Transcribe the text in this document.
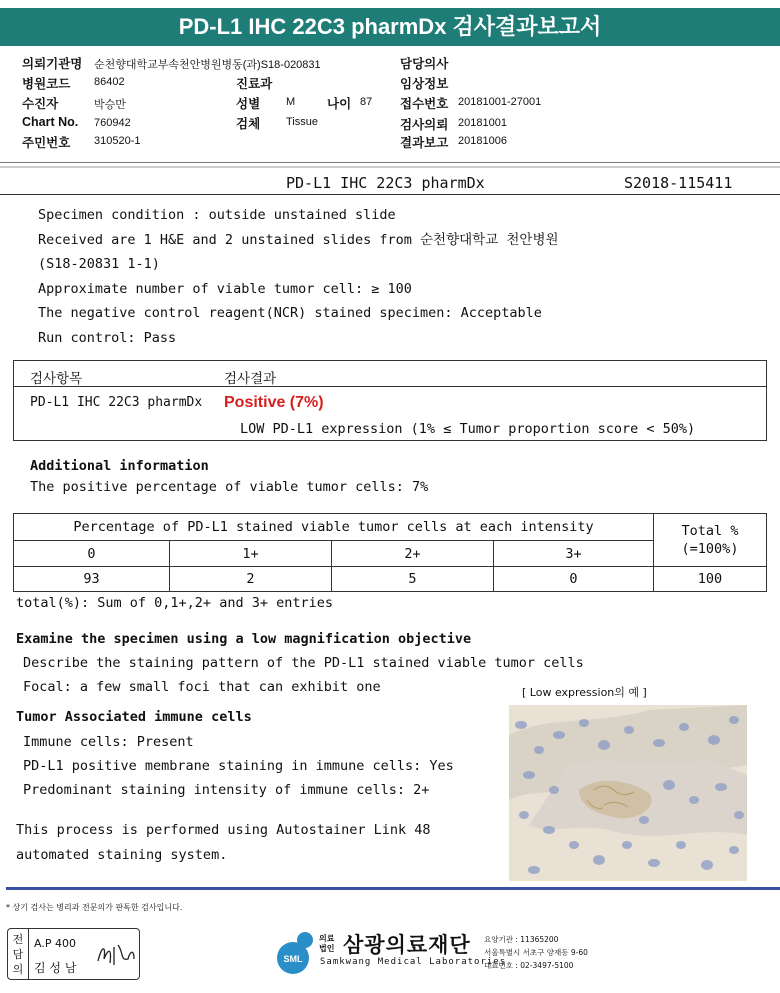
PD-L1 IHC 22C3 pharmDx 검사결과보고서
의뢰기관명 순천향대학교부속천안병원병동(과)S18-020831
병원코드 86402
수진자	박승만
Chart No. 760942
주민번호 310520-1
진료과
성별 M	나이 87
검체 Tissue
담당의사
임상정보
접수번호 20181001-27001
검사의뢰 20181001
결과보고 20181006
PD-L1 IHC 22C3 pharmDx	S2018-115411
Specimen condition : outside unstained slide
Received are 1 H&E and 2 unstained slides from 순천향대학교 천안병원
(S18-20831 1-1)
Approximate number of viable tumor cell: ≥ 100
The negative control reagent(NCR) stained specimen: Acceptable
Run control: Pass
검사항목	검사결과
PD-L1 IHC 22C3 pharmDx Positive (7%)
LOW PD-L1 expression (1% ≤ Tumor proportion score < 50%)
Additional information
The positive percentage of viable tumor cells: 7%
Percentage of PD-L1 stained viable tumor cells at each intensity	Total %
(=100%)
0	1+	2+	3+
93	2	5	0	100
total(%): Sum of 0,1+,2+ and 3+ entries
Examine the specimen using a low magnification objective
Describe the staining pattern of the PD-L1 stained viable tumor cells
Focal: a few small foci that can exhibit one	[ Low expression의 예 ]
Tumor Associated immune cells
Immune cells: Present
PD-L1 positive membrane staining in immune cells: Yes
Predominant staining intensity of immune cells: 2+
This process is performed using Autostainer Link 48
automated staining system.
* 상기 검사는 병리과 전문의가 판독한 검사입니다.
전
담
의
A.P 400
김 성 남
SML
의료
법인 삼광의료재단
Samkwang Medical Laboratories
요양기관 : 11365200
서울특별시 서초구 양재동 9-60
대표번호 : 02-3497-5100
